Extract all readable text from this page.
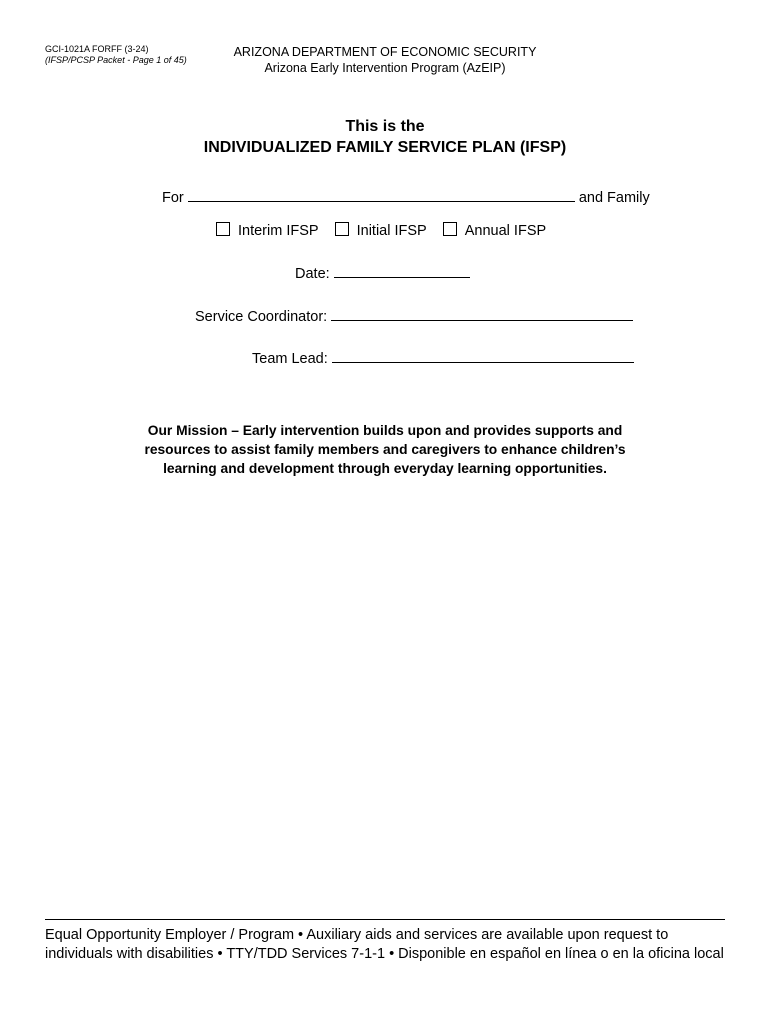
GCI-1021A FORFF (3-24)
(IFSP/PCSP Packet - Page 1 of 45)
ARIZONA DEPARTMENT OF ECONOMIC SECURITY
Arizona Early Intervention Program (AzEIP)
This is the
INDIVIDUALIZED FAMILY SERVICE PLAN (IFSP)
For	and Family
Interim IFSP	Initial IFSP	Annual IFSP
Date:
Service Coordinator:
Team Lead:
Our Mission – Early intervention builds upon and provides supports and
resources to assist family members and caregivers to enhance children’s
learning and development through everyday learning opportunities.
Equal Opportunity Employer / Program • Auxiliary aids and services are available upon request to individuals with disabilities • TTY/TDD Services 7-1-1 • Disponible en español en línea o en la oficina local
